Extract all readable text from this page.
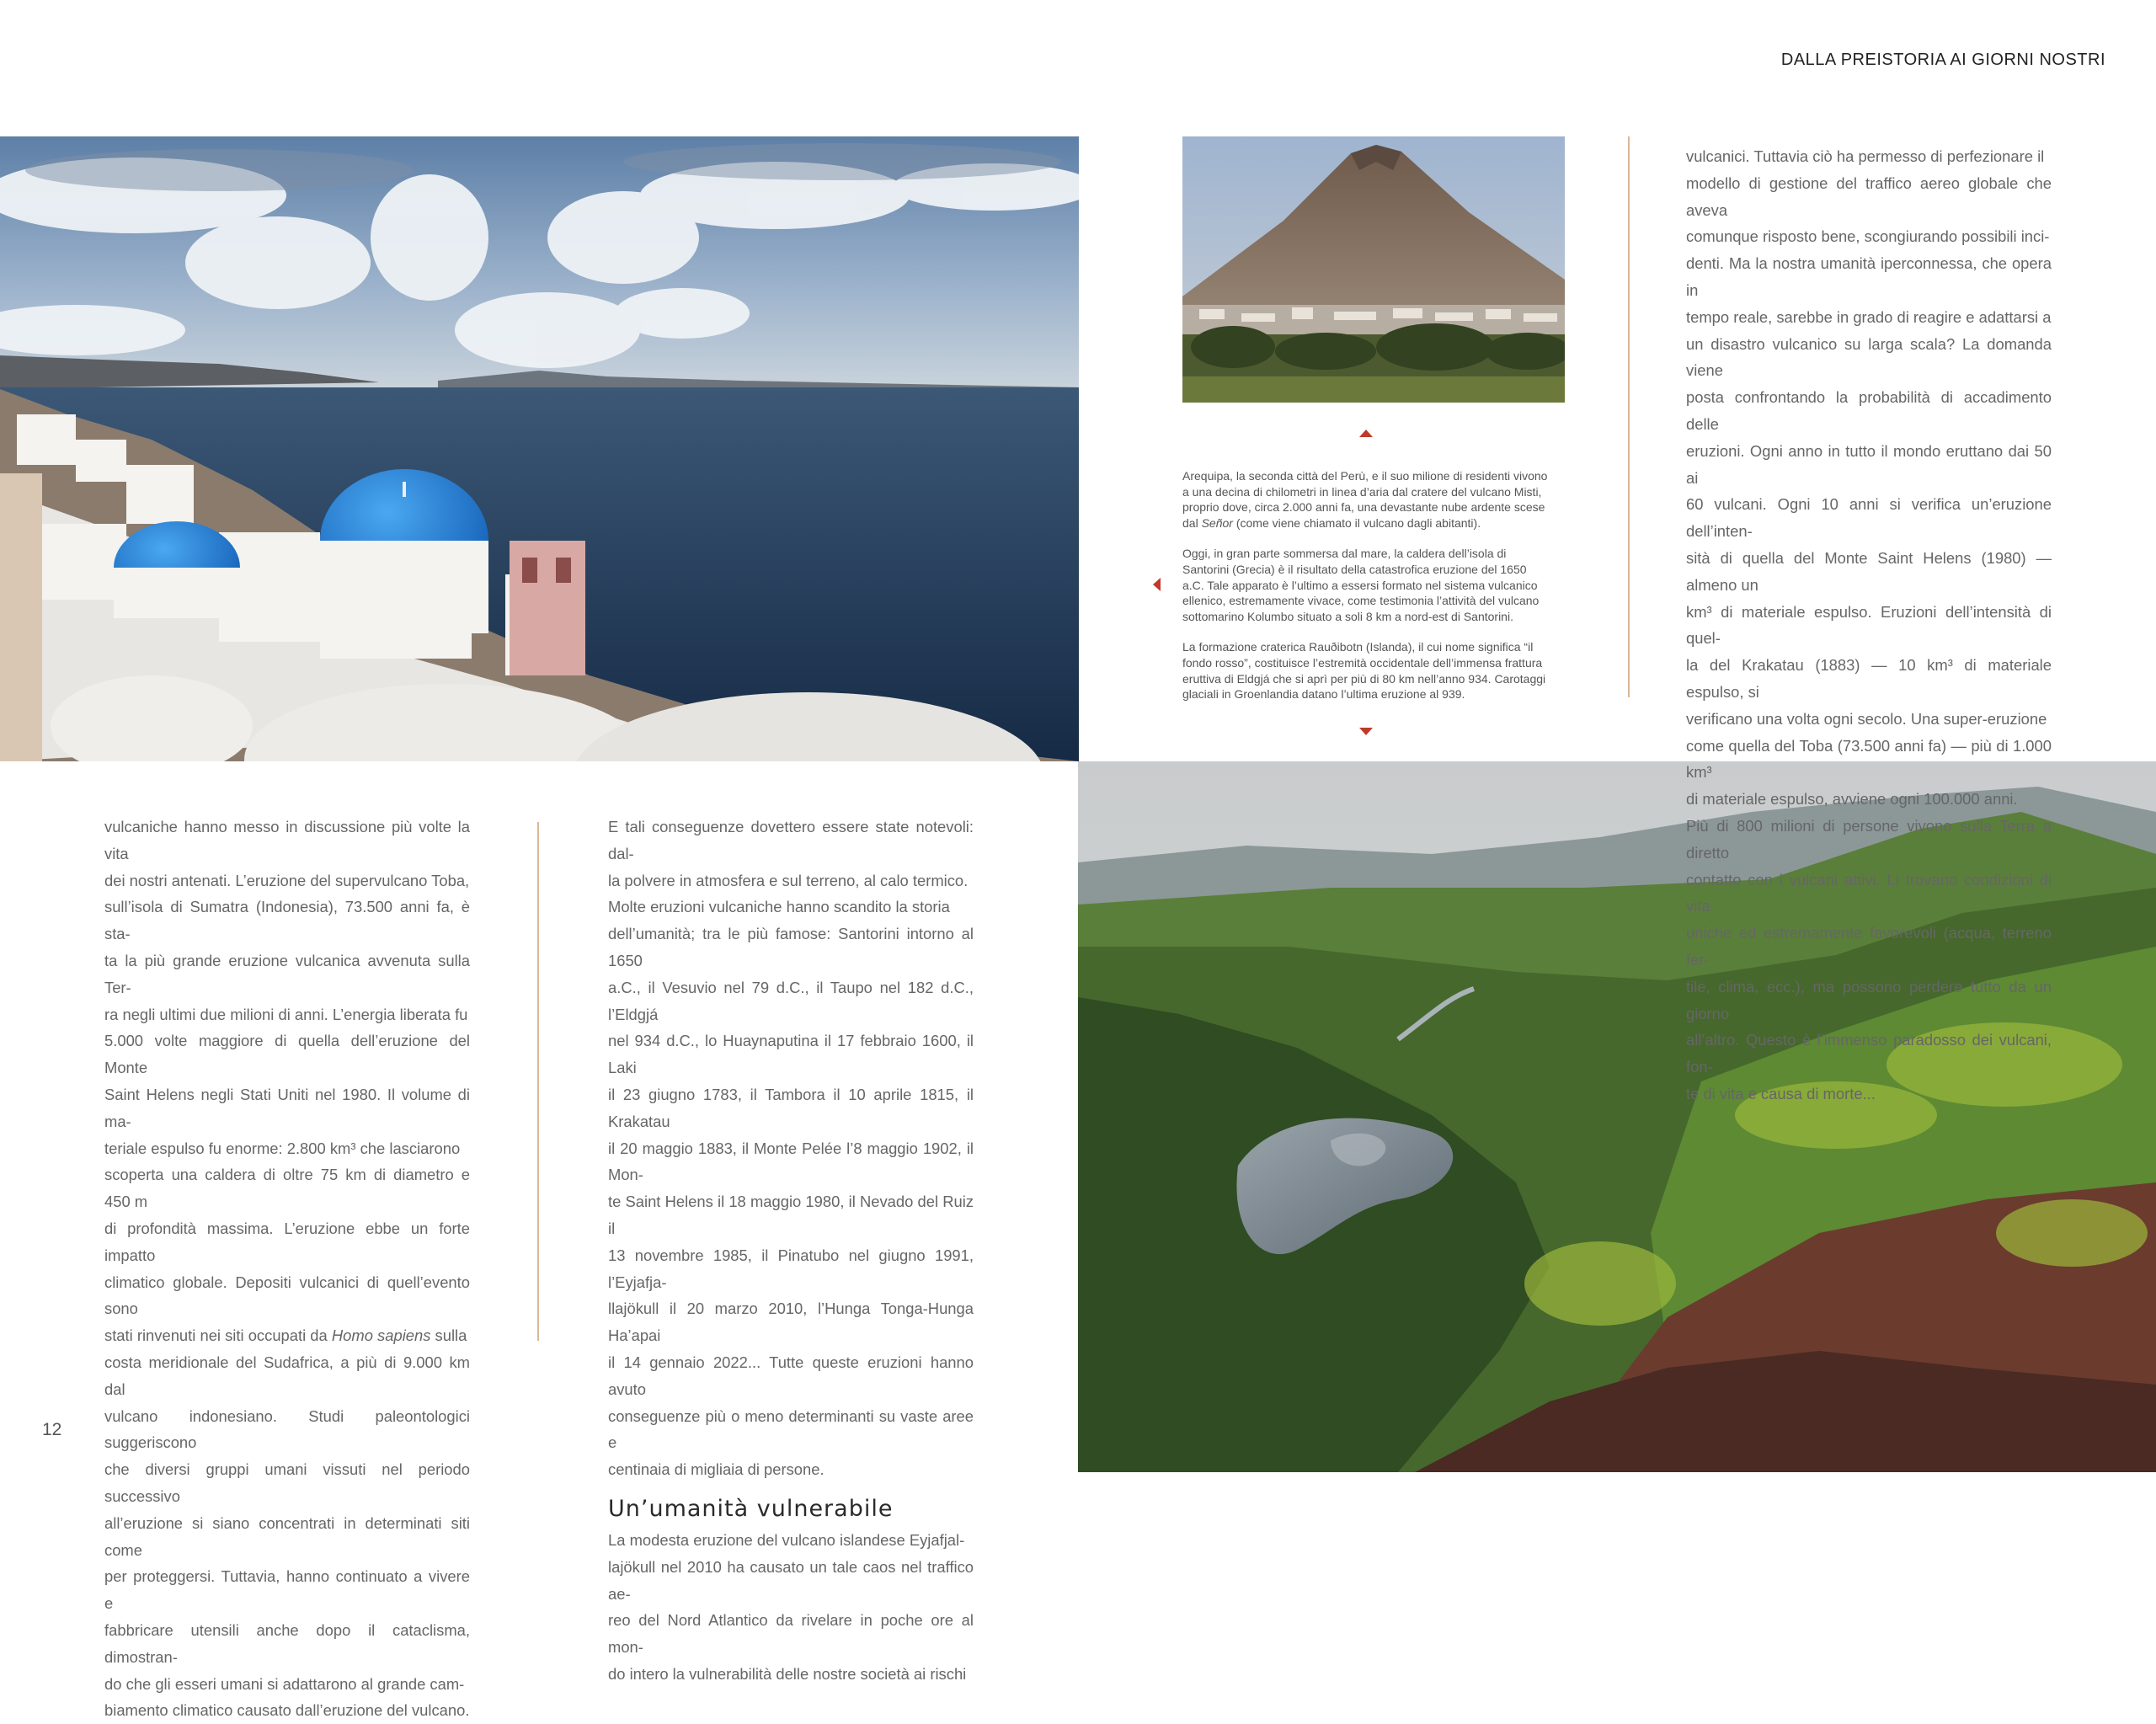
DALLA PREISTORIA AI GIORNI NOSTRI

Arequipa, la seconda città del Perù, e il suo milione di residenti vivono
a una decina di chilometri in linea d’aria dal cratere del vulcano Misti,
proprio dove, circa 2.000 anni fa, una devastante nube ardente scese
dal Señor (come viene chiamato il vulcano dagli abitanti).

Oggi, in gran parte sommersa dal mare, la caldera dell’isola di
Santorini (Grecia) è il risultato della catastrofica eruzione del 1650
a.C. Tale apparato è l’ultimo a essersi formato nel sistema vulcanico
ellenico, estremamente vivace, come testimonia l’attività del vulcano
sottomarino Kolumbo situato a soli 8 km a nord-est di Santorini.

La formazione craterica Rauðibotn (Islanda), il cui nome significa “il
fondo rosso”, costituisce l’estremità occidentale dell’immensa frattura
eruttiva di Eldgjá che si aprì per più di 80 km nell’anno 934. Carotaggi
glaciali in Groenlandia datano l’ultima eruzione al 939.

vulcanici. Tuttavia ciò ha permesso di perfezionare il
modello di gestione del traffico aereo globale che aveva
comunque risposto bene, scongiurando possibili inci-
denti. Ma la nostra umanità iperconnessa, che opera in
tempo reale, sarebbe in grado di reagire e adattarsi a
un disastro vulcanico su larga scala? La domanda viene
posta confrontando la probabilità di accadimento delle
eruzioni. Ogni anno in tutto il mondo eruttano dai 50 ai
60 vulcani. Ogni 10 anni si verifica un’eruzione dell’inten-
sità di quella del Monte Saint Helens (1980) — almeno un
km³ di materiale espulso. Eruzioni dell’intensità di quel-
la del Krakatau (1883) — 10 km³ di materiale espulso, si
verificano una volta ogni secolo. Una super-eruzione
come quella del Toba (73.500 anni fa) — più di 1.000 km³
di materiale espulso, avviene ogni 100.000 anni.
Più di 800 milioni di persone vivono sulla Terra a diretto
contatto con i vulcani attivi. Li trovano condizioni di vita
uniche ed estremamente favorevoli (acqua, terreno fer-
tile, clima, ecc.), ma possono perdere tutto da un giorno
all’altro. Questo è l’immenso paradosso dei vulcani, fon-
te di vita e causa di morte...
vulcaniche hanno messo in discussione più volte la vita
dei nostri antenati. L’eruzione del supervulcano Toba,
sull’isola di Sumatra (Indonesia), 73.500 anni fa, è sta-
ta la più grande eruzione vulcanica avvenuta sulla Ter-
ra negli ultimi due milioni di anni. L’energia liberata fu
5.000 volte maggiore di quella dell’eruzione del Monte
Saint Helens negli Stati Uniti nel 1980. Il volume di ma-
teriale espulso fu enorme: 2.800 km³ che lasciarono
scoperta una caldera di oltre 75 km di diametro e 450 m
di profondità massima. L’eruzione ebbe un forte impatto
climatico globale. Depositi vulcanici di quell’evento sono
stati rinvenuti nei siti occupati da Homo sapiens sulla
costa meridionale del Sudafrica, a più di 9.000 km dal
vulcano indonesiano. Studi paleontologici suggeriscono
che diversi gruppi umani vissuti nel periodo successivo
all’eruzione si siano concentrati in determinati siti come
per proteggersi. Tuttavia, hanno continuato a vivere e
fabbricare utensili anche dopo il cataclisma, dimostran-
do che gli esseri umani si adattarono al grande cam-
biamento climatico causato dall’eruzione del vulcano.
E tali conseguenze dovettero essere state notevoli: dal-
la polvere in atmosfera e sul terreno, al calo termico.
Molte eruzioni vulcaniche hanno scandito la storia
dell’umanità; tra le più famose: Santorini intorno al 1650
a.C., il Vesuvio nel 79 d.C., il Taupo nel 182 d.C., l’Eldgjá
nel 934 d.C., lo Huaynaputina il 17 febbraio 1600, il Laki
il 23 giugno 1783, il Tambora il 10 aprile 1815, il Krakatau
il 20 maggio 1883, il Monte Pelée l’8 maggio 1902, il Mon-
te Saint Helens il 18 maggio 1980, il Nevado del Ruiz il
13 novembre 1985, il Pinatubo nel giugno 1991, l’Eyjafja-
llajökull il 20 marzo 2010, l’Hunga Tonga-Hunga Ha’apai
il 14 gennaio 2022... Tutte queste eruzioni hanno avuto
conseguenze più o meno determinanti su vaste aree e
centinaia di migliaia di persone.
Un’umanità vulnerabile
La modesta eruzione del vulcano islandese Eyjafjal-
lajökull nel 2010 ha causato un tale caos nel traffico ae-
reo del Nord Atlantico da rivelare in poche ore al mon-
do intero la vulnerabilità delle nostre società ai rischi
12
